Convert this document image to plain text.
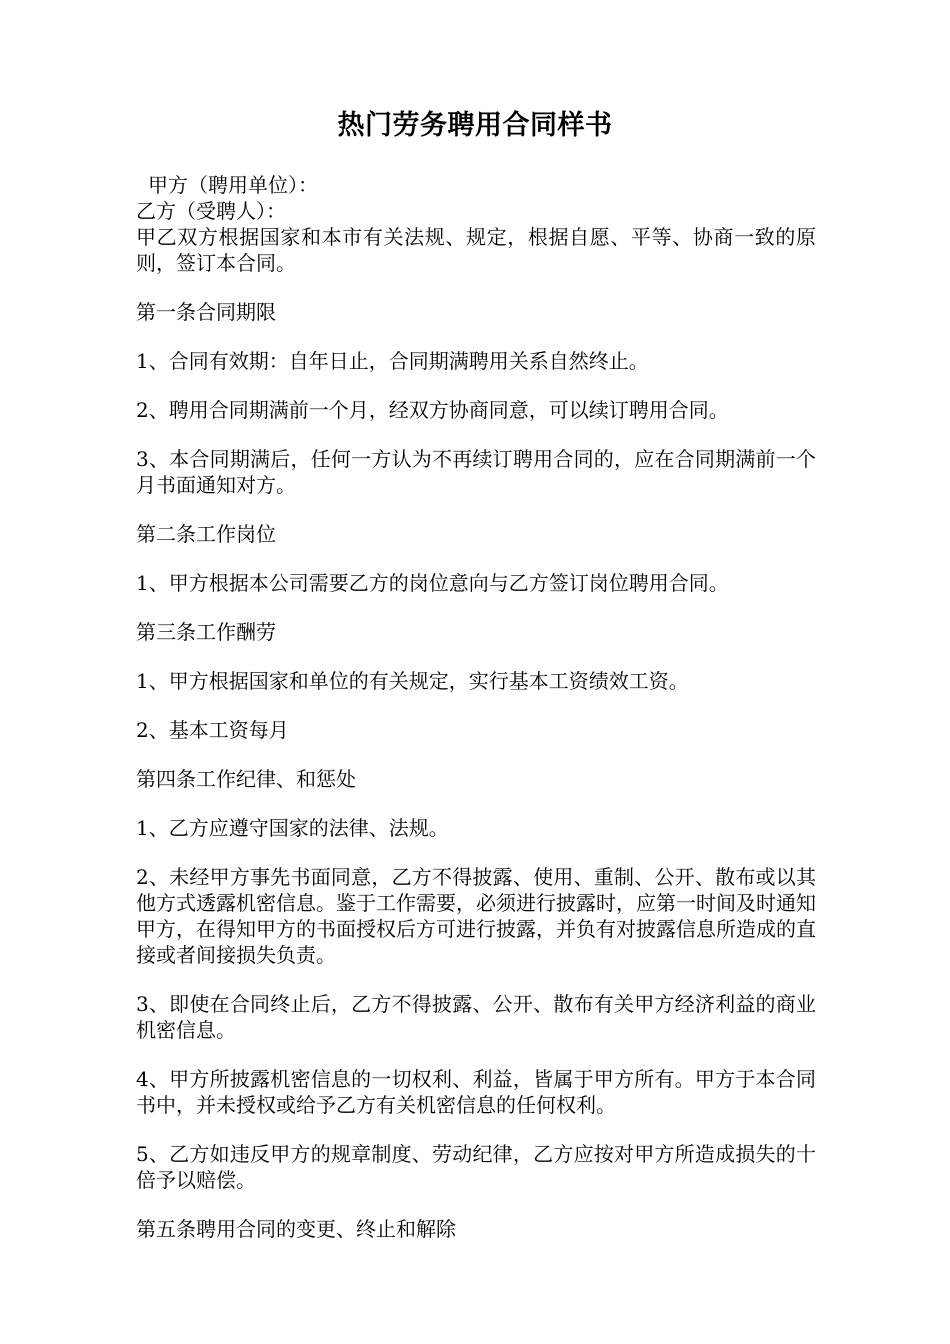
热门劳务聘用合同样书

甲方（聘用单位）：

乙方（受聘人）：

甲乙双方根据国家和本市有关法规、规定，根据自愿、平等、协商一致的原则，签订本合同。

第一条合同期限

1、合同有效期：自年日止，合同期满聘用关系自然终止。

2、聘用合同期满前一个月，经双方协商同意，可以续订聘用合同。

3、本合同期满后，任何一方认为不再续订聘用合同的，应在合同期满前一个月书面通知对方。

第二条工作岗位

1、甲方根据本公司需要乙方的岗位意向与乙方签订岗位聘用合同。

第三条工作酬劳

1、甲方根据国家和单位的有关规定，实行基本工资绩效工资。

2、基本工资每月

第四条工作纪律、和惩处

1、乙方应遵守国家的法律、法规。

2、未经甲方事先书面同意，乙方不得披露、使用、重制、公开、散布或以其他方式透露机密信息。鉴于工作需要，必须进行披露时，应第一时间及时通知甲方，在得知甲方的书面授权后方可进行披露，并负有对披露信息所造成的直接或者间接损失负责。

3、即使在合同终止后，乙方不得披露、公开、散布有关甲方经济利益的商业机密信息。

4、甲方所披露机密信息的一切权利、利益，皆属于甲方所有。甲方于本合同书中，并未授权或给予乙方有关机密信息的任何权利。

5、乙方如违反甲方的规章制度、劳动纪律，乙方应按对甲方所造成损失的十倍予以赔偿。

第五条聘用合同的变更、终止和解除
